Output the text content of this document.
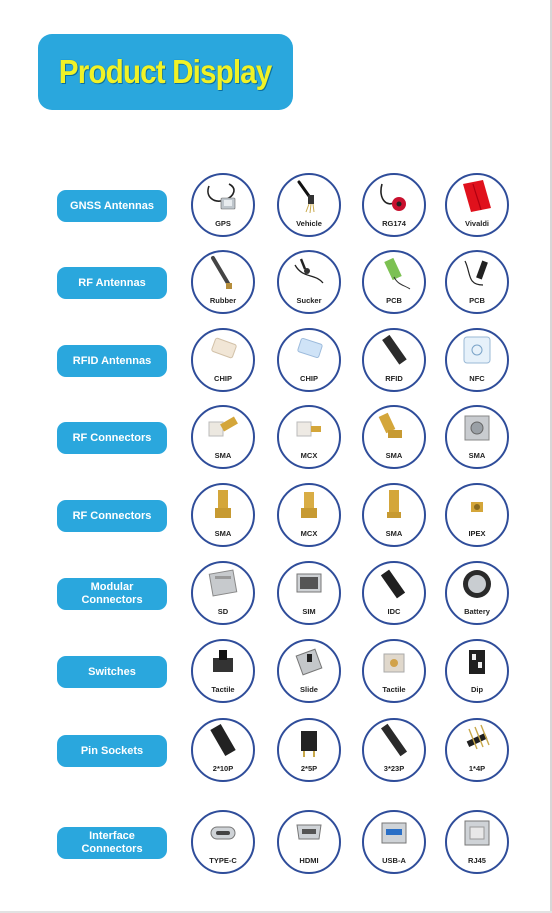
Product Display
GNSS Antennas
GPS	Vehicle	RG174	Vivaldi
RF Antennas
Rubber	Sucker	PCB	PCB
RFID Antennas
CHIP	CHIP	RFID	NFC
RF Connectors
SMA	MCX	SMA	SMA
RF Connectors
SMA	MCX	SMA	IPEX
Modular Connectors
SD	SIM	IDC	Battery
Switches
Tactile	Slide	Tactile	Dip
Pin Sockets
2*10P	2*5P	3*23P	1*4P
Interface Connectors
TYPE-C	HDMI	USB-A	RJ45
